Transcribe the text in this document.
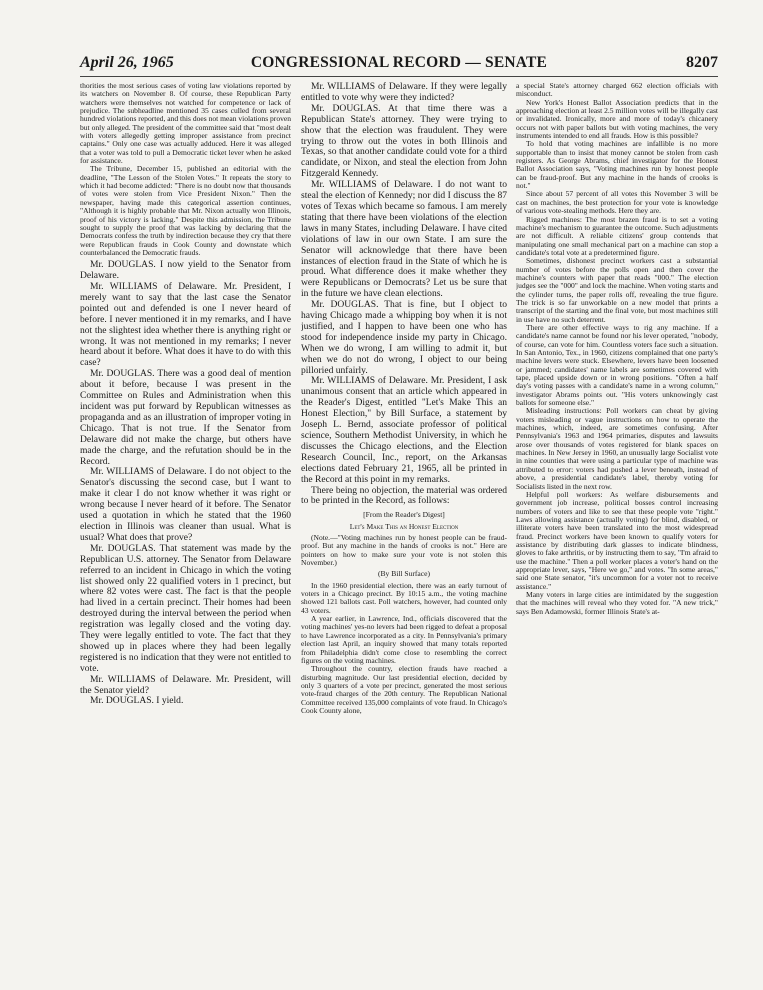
April 26, 1965	CONGRESSIONAL RECORD — SENATE	8207

thorities the most serious cases of voting law violations reported by its watchers on November 8. Of course, these Republican Party watchers were themselves not watched for competence or lack of prejudice. The subheadline mentioned 35 cases culled from several hundred violations reported, and this does not mean violations proven but only alleged. The president of the committee said that "most dealt with voters allegedly getting improper assistance from precinct captains." Only one case was actually adduced. Here it was alleged that a voter was told to pull a Democratic ticket lever when he asked for assistance.

The Tribune, December 15, published an editorial with the deadline, "The Lesson of the Stolen Votes." It repeats the story to which it had become addicted: "There is no doubt now that thousands of votes were stolen from Vice President Nixon." Then the newspaper, having made this categorical assertion continues, "Although it is highly probable that Mr. Nixon actually won Illinois, proof of his victory is lacking." Despite this admission, the Tribune sought to supply the proof that was lacking by declaring that the Democrats confess the truth by indirection because they cry that there were Republican frauds in Cook County and downstate which counterbalanced the Democratic frauds.

Mr. DOUGLAS. I now yield to the Senator from Delaware.

Mr. WILLIAMS of Delaware. Mr. President, I merely want to say that the last case the Senator pointed out and defended is one I never heard of before. I never mentioned it in my remarks, and I have not the slightest idea whether there is anything right or wrong. It was not mentioned in my remarks; I never heard about it before. What does it have to do with this case?

Mr. DOUGLAS. There was a good deal of mention about it before, because I was present in the Committee on Rules and Administration when this incident was put forward by Republican witnesses as propaganda and as an illustration of improper voting in Chicago. That is not true. If the Senator from Delaware did not make the charge, but others have made the charge, and the refutation should be in the Record.

Mr. WILLIAMS of Delaware. I do not object to the Senator's discussing the second case, but I want to make it clear I do not know whether it was right or wrong because I never heard of it before. The Senator used a quotation in which he stated that the 1960 election in Illinois was cleaner than usual. What is usual? What does that prove?

Mr. DOUGLAS. That statement was made by the Republican U.S. attorney. The Senator from Delaware referred to an incident in Chicago in which the voting list showed only 22 qualified voters in 1 precinct, but where 82 votes were cast. The fact is that the people had lived in a certain precinct. Their homes had been destroyed during the interval between the period when registration was legally closed and the voting day. They were legally entitled to vote. The fact that they showed up in places where they had been legally registered is no indication that they were not entitled to vote.

Mr. WILLIAMS of Delaware. Mr. President, will the Senator yield?

Mr. DOUGLAS. I yield.

Mr. WILLIAMS of Delaware. If they were legally entitled to vote why were they indicted?

Mr. DOUGLAS. At that time there was a Republican State's attorney. They were trying to show that the election was fraudulent. They were trying to throw out the votes in both Illinois and Texas, so that another candidate could vote for a third candidate, or Nixon, and steal the election from John Fitzgerald Kennedy.

Mr. WILLIAMS of Delaware. I do not want to steal the election of Kennedy; nor did I discuss the 87 votes of Texas which became so famous. I am merely stating that there have been violations of the election laws in many States, including Delaware. I have cited violations of law in our own State. I am sure the Senator will acknowledge that there have been instances of election fraud in the State of which he is proud. What difference does it make whether they were Republicans or Democrats? Let us be sure that in the future we have clean elections.

Mr. DOUGLAS. That is fine, but I object to having Chicago made a whipping boy when it is not justified, and I happen to have been one who has stood for independence inside my party in Chicago. When we do wrong, I am willing to admit it, but when we do not do wrong, I object to our being pilloried unfairly.

Mr. WILLIAMS of Delaware. Mr. President, I ask unanimous consent that an article which appeared in the Reader's Digest, entitled "Let's Make This an Honest Election," by Bill Surface, a statement by Joseph L. Bernd, associate professor of political science, Southern Methodist University, in which he discusses the Chicago elections, and the Election Research Council, Inc., report, on the Arkansas elections dated February 21, 1965, all be printed in the Record at this point in my remarks.

There being no objection, the material was ordered to be printed in the Record, as follows:

[From the Reader's Digest]

Let's Make This an Honest Election

(Note.—"Voting machines run by honest people can be fraud-proof. But any machine in the hands of crooks is not." Here are pointers on how to make sure your vote is not stolen this November.)

(By Bill Surface)

In the 1960 presidential election, there was an early turnout of voters in a Chicago precinct. By 10:15 a.m., the voting machine showed 121 ballots cast. Poll watchers, however, had counted only 43 voters.

A year earlier, in Lawrence, Ind., officials discovered that the voting machines' yes-no levers had been rigged to defeat a proposal to have Lawrence incorporated as a city. In Pennsylvania's primary election last April, an inquiry showed that many totals reported from Philadelphia didn't come close to resembling the correct figures on the voting machines.

Throughout the country, election frauds have reached a disturbing magnitude. Our last presidential election, decided by only 3 quarters of a vote per precinct, generated the most serious vote-fraud charges of the 20th century. The Republican National Committee received 135,000 complaints of vote fraud. In Chicago's Cook County alone,

a special State's attorney charged 662 election officials with misconduct.

New York's Honest Ballot Association predicts that in the approaching election at least 2.5 million votes will be illegally cast or invalidated. Ironically, more and more of today's chicanery occurs not with paper ballots but with voting machines, the very instruments intended to end all frauds. How is this possible?

To hold that voting machines are infallible is no more supportable than to insist that money cannot be stolen from cash registers. As George Abrams, chief investigator for the Honest Ballot Association says, "Voting machines run by honest people can be fraud-proof. But any machine in the hands of crooks is not."

Since about 57 percent of all votes this November 3 will be cast on machines, the best protection for your vote is knowledge of various vote-stealing methods. Here they are.

Rigged machines: The most brazen fraud is to set a voting machine's mechanism to guarantee the outcome. Such adjustments are not difficult. A reliable citizens' group contends that manipulating one small mechanical part on a machine can stop a candidate's total vote at a predetermined figure.

Sometimes, dishonest precinct workers cast a substantial number of votes before the polls open and then cover the machine's counters with paper that reads "000." The election judges see the "000" and lock the machine. When voting starts and the cylinder turns, the paper rolls off, revealing the true figure. The trick is so far unworkable on a new model that prints a transcript of the starting and the final vote, but most machines still in use have no such deterrent.

There are other effective ways to rig any machine. If a candidate's name cannot be found nor his lever operated, "nobody, of course, can vote for him. Countless voters face such a situation. In San Antonio, Tex., in 1960, citizens complained that one party's machine levers were stuck. Elsewhere, levers have been loosened or jammed; candidates' name labels are sometimes covered with tape, placed upside down or in wrong positions. "Often a half day's voting passes with a candidate's name in a wrong column," investigator Abrams points out. "His voters unknowingly cast ballots for someone else."

Misleading instructions: Poll workers can cheat by giving voters misleading or vague instructions on how to operate the machines, which, indeed, are sometimes confusing. After Pennsylvania's 1963 and 1964 primaries, disputes and lawsuits arose over thousands of votes registered for blank spaces on machines. In New Jersey in 1960, an unusually large Socialist vote in nine counties that were using a particular type of machine was attributed to error: voters had pushed a lever beneath, instead of above, a presidential candidate's label, thereby voting for Socialists listed in the next row.

Helpful poll workers: As welfare disbursements and government job increase, political bosses control increasing numbers of voters and like to see that these people vote "right." Laws allowing assistance (actually voting) for blind, disabled, or illiterate voters have been translated into the most widespread fraud. Precinct workers have been known to qualify voters for assistance by distributing dark glasses to indicate blindness, gloves to fake arthritis, or by instructing them to say, "I'm afraid to use the machine." Then a poll worker places a voter's hand on the appropriate lever, says, "Here we go," and votes. "In some areas," said one State senator, "it's uncommon for a voter not to receive assistance."

Many voters in large cities are intimidated by the suggestion that the machines will reveal who they voted for. "A new trick," says Ben Adamowski, former Illinois State's at-
